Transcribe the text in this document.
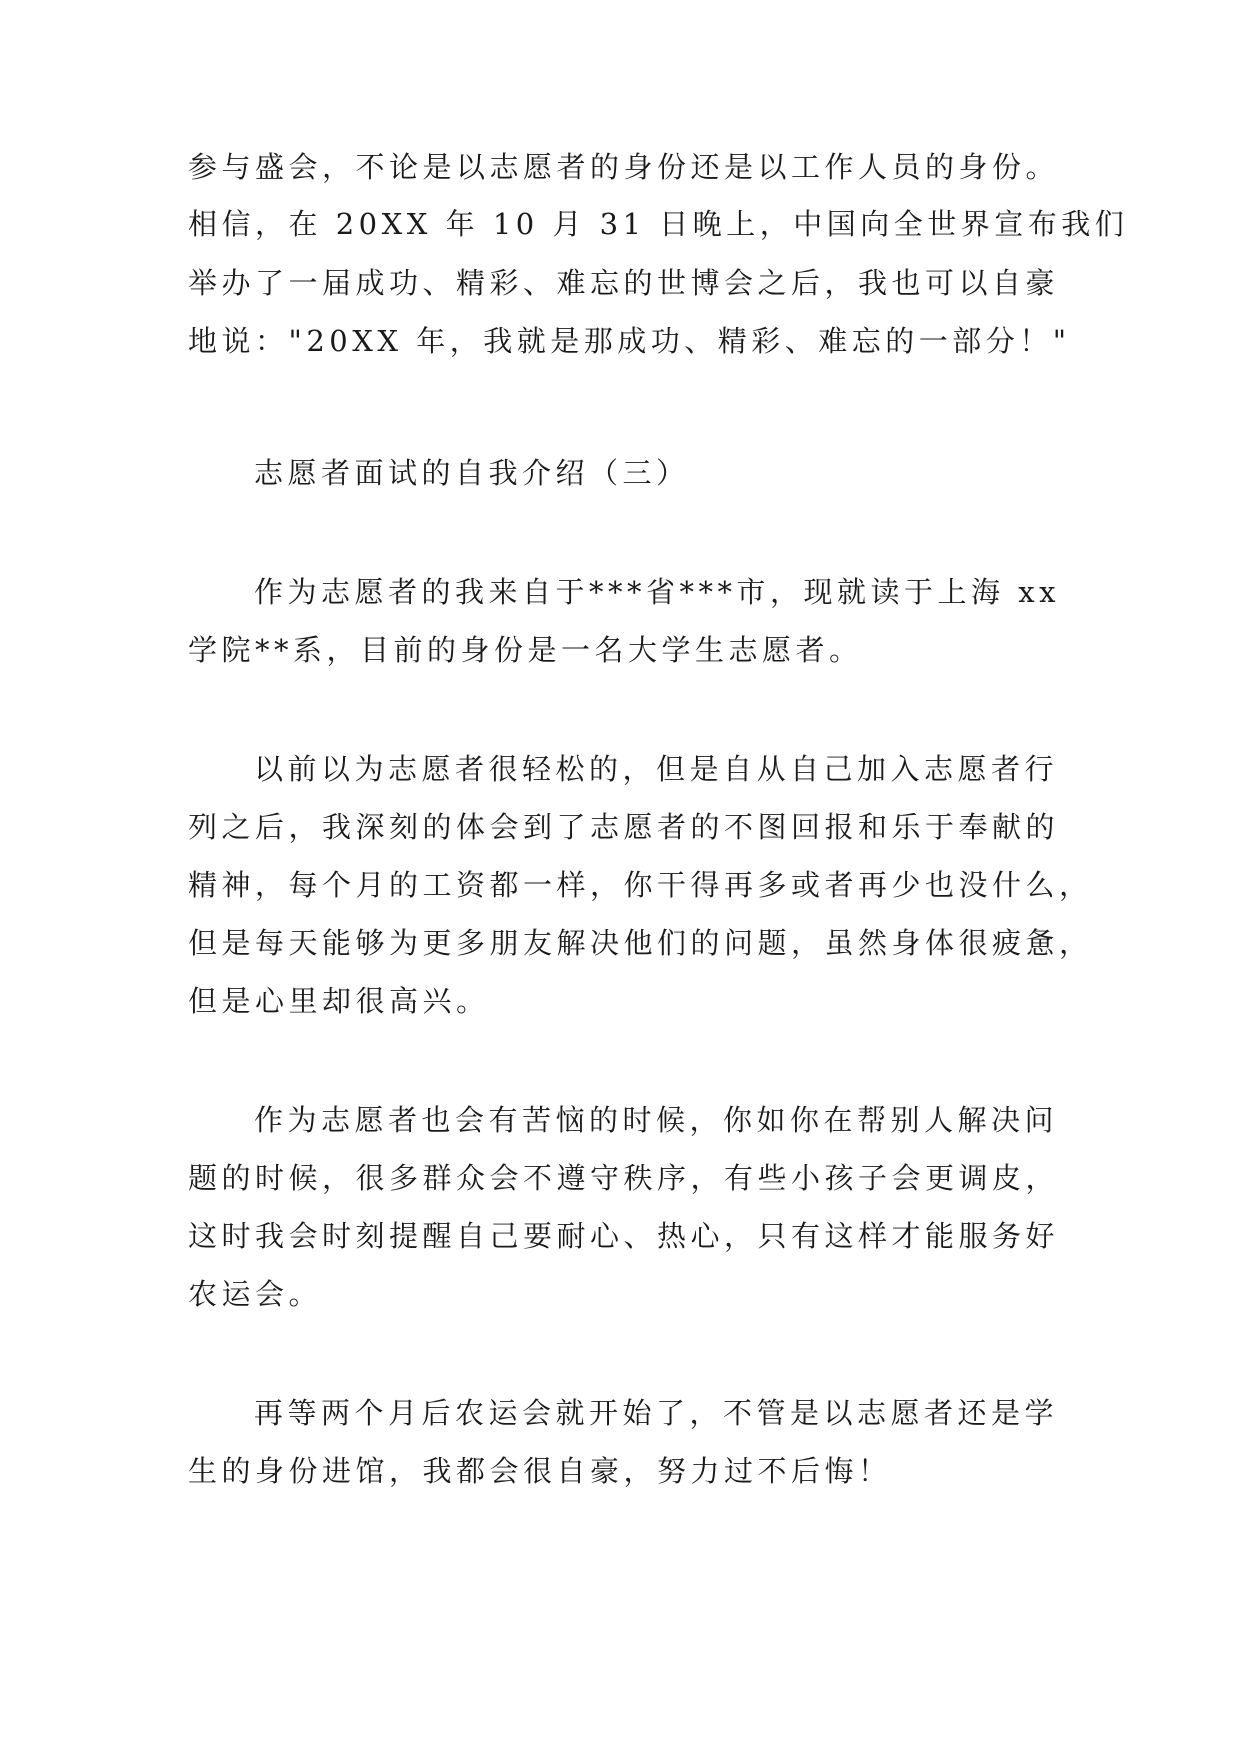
参与盛会，不论是以志愿者的身份还是以工作人员的身份。
相信，在 20XX 年 10 月 31 日晚上，中国向全世界宣布我们
举办了一届成功、精彩、难忘的世博会之后，我也可以自豪
地说："20XX 年，我就是那成功、精彩、难忘的一部分！"
志愿者面试的自我介绍（三）
作为志愿者的我来自于***省***市，现就读于上海 xx
学院**系，目前的身份是一名大学生志愿者。
以前以为志愿者很轻松的，但是自从自己加入志愿者行
列之后，我深刻的体会到了志愿者的不图回报和乐于奉献的
精神，每个月的工资都一样，你干得再多或者再少也没什么，
但是每天能够为更多朋友解决他们的问题，虽然身体很疲惫，
但是心里却很高兴。
作为志愿者也会有苦恼的时候，你如你在帮别人解决问
题的时候，很多群众会不遵守秩序，有些小孩子会更调皮，
这时我会时刻提醒自己要耐心、热心，只有这样才能服务好
农运会。
再等两个月后农运会就开始了，不管是以志愿者还是学
生的身份进馆，我都会很自豪，努力过不后悔！
